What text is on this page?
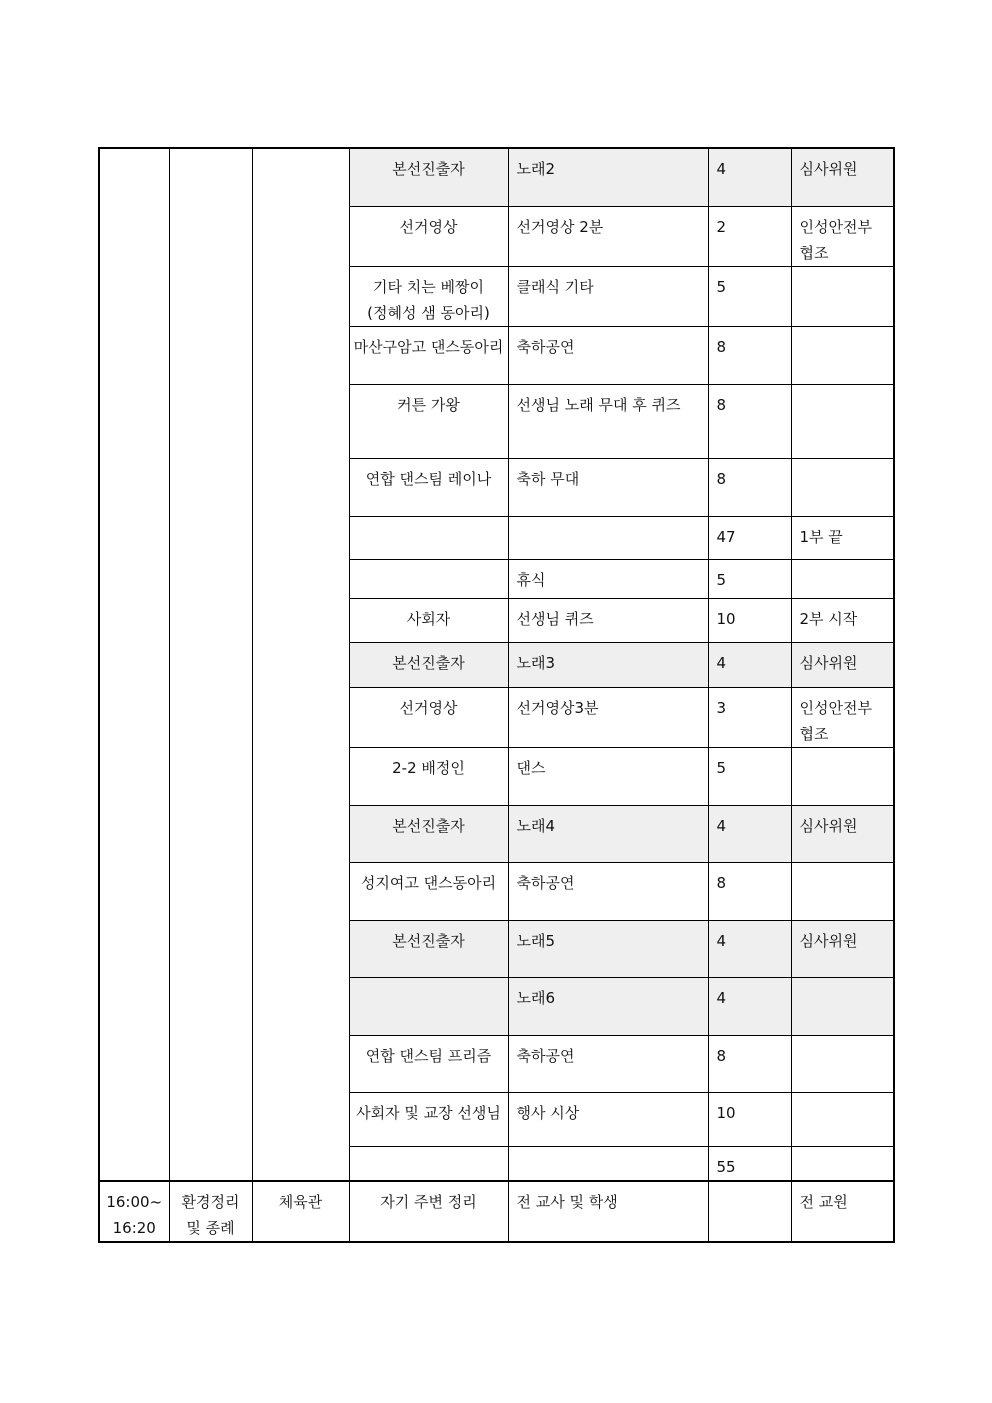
			본선진출자	노래2	4	심사위원
			선거영상	선거영상 2분	2	인성안전부 협조
			기타 치는 베짱이 (정혜성 샘 동아리)	클래식 기타	5	
			마산구암고 댄스동아리	축하공연	8	
			커튼 가왕	선생님 노래 무대 후 퀴즈	8	
			연합 댄스팀 레이나	축하 무대	8	
					47	1부 끝
				휴식	5	
			사회자	선생님 퀴즈	10	2부 시작
			본선진출자	노래3	4	심사위원
			선거영상	선거영상3분	3	인성안전부 협조
			2-2 배정인	댄스	5	
			본선진출자	노래4	4	심사위원
			성지여고 댄스동아리	축하공연	8	
			본선진출자	노래5	4	심사위원
				노래6	4	
			연합 댄스팀 프리즘	축하공연	8	
			사회자 및 교장 선생님	행사 시상	10	
					55	
16:00~ 16:20	환경정리 및 종례	체육관	자기 주변 정리	전 교사 및 학생		전 교원
